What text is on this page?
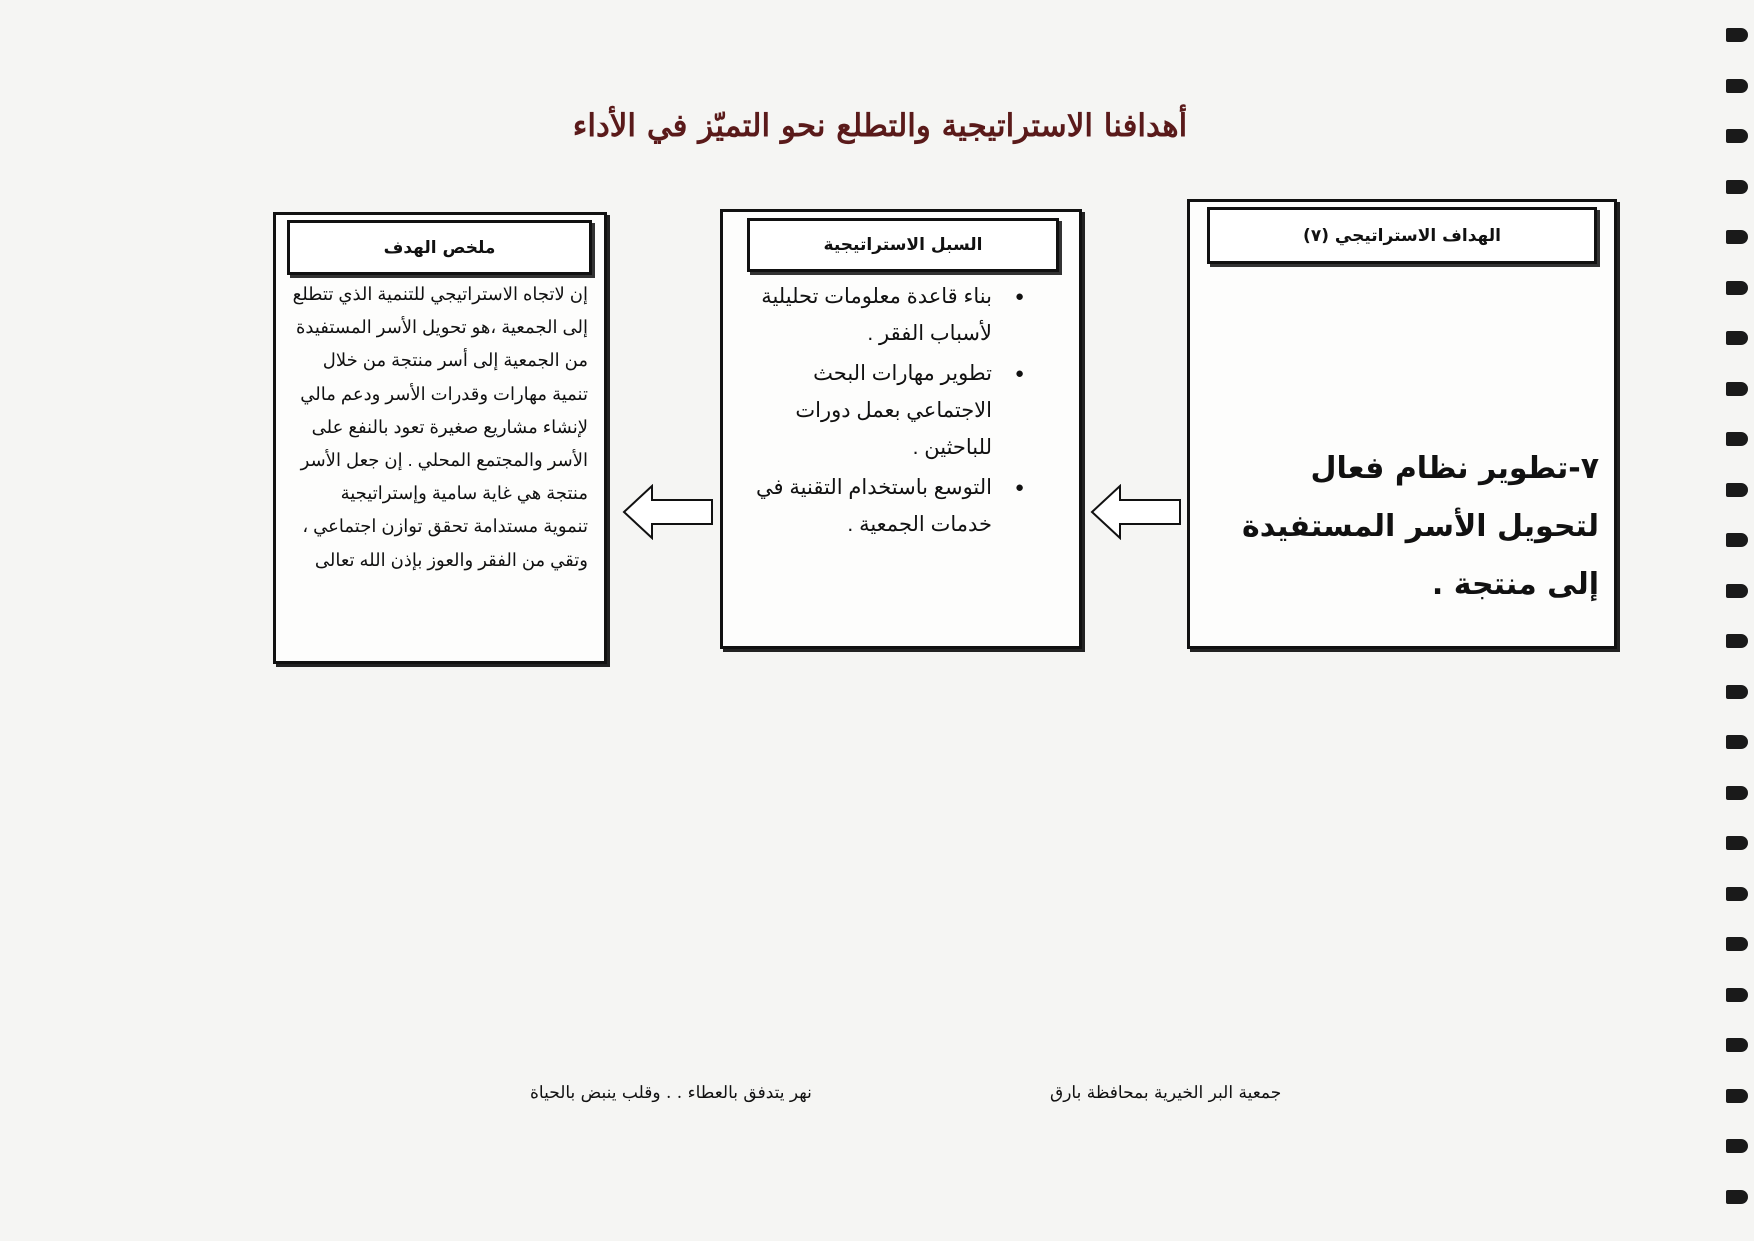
أهدافنا الاستراتيجية والتطلع نحو التميّز في الأداء
الهداف الاستراتيجي (٧)
٧-تطوير نظام فعال لتحويل الأسر المستفيدة إلى منتجة .
السبل الاستراتيجية
● بناء قاعدة معلومات تحليلية لأسباب الفقر .
● تطوير مهارات البحث الاجتماعي بعمل دورات للباحثين .
● التوسع باستخدام التقنية في خدمات الجمعية .
ملخص الهدف
إن لاتجاه الاستراتيجي للتنمية الذي تتطلع إلى الجمعية ،هو تحويل الأسر المستفيدة من الجمعية إلى أسر منتجة من خلال تنمية مهارات وقدرات الأسر ودعم مالي لإنشاء مشاريع صغيرة تعود بالنفع على الأسر والمجتمع المحلي . إن جعل الأسر منتجة هي غاية سامية وإستراتيجية تنموية مستدامة تحقق توازن اجتماعي ، وتقي من الفقر والعوز بإذن الله تعالى
جمعية البر الخيرية بمحافظة بارق
نهر يتدفق بالعطاء . . وقلب ينبض بالحياة
